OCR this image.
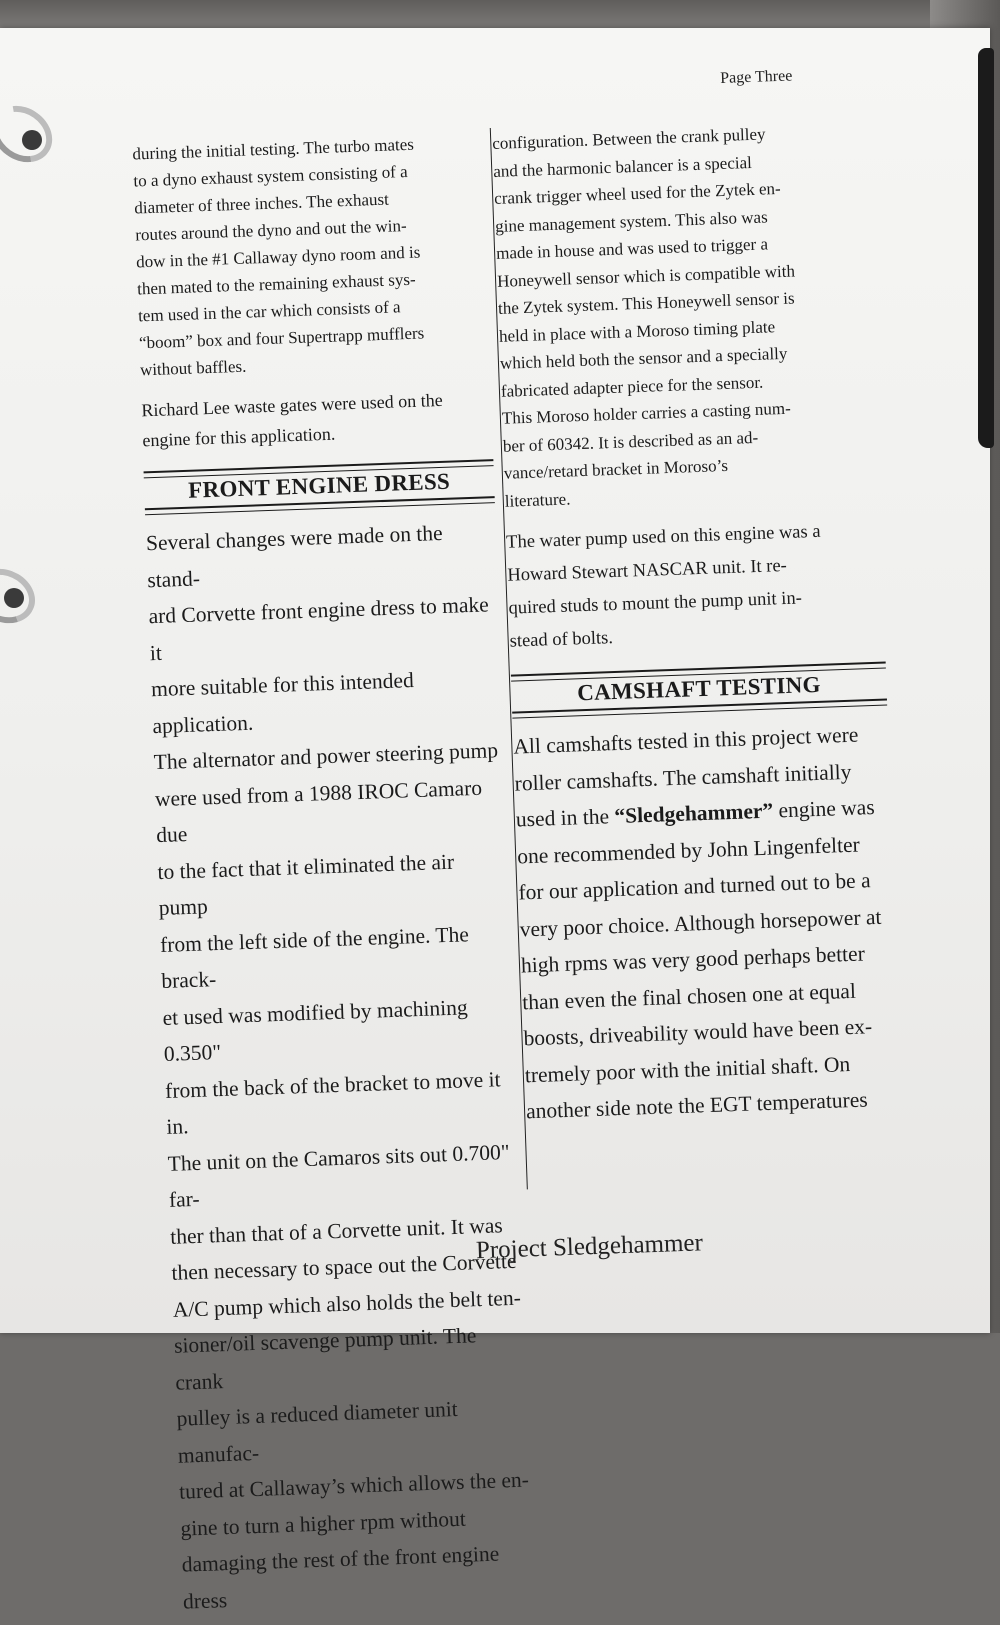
Page Three

during the initial testing. The turbo mates

to a dyno exhaust system consisting of a

diameter of three inches. The exhaust

routes around the dyno and out the win-

dow in the #1 Callaway dyno room and is

then mated to the remaining exhaust sys-

tem used in the car which consists of a

“boom” box and four Supertrapp mufflers

without baffles.

Richard Lee waste gates were used on the

engine for this application.

FRONT ENGINE DRESS

Several changes were made on the stand-

ard Corvette front engine dress to make it

more suitable for this intended application.

The alternator and power steering pump

were used from a 1988 IROC Camaro due

to the fact that it eliminated the air pump

from the left side of the engine. The brack-

et used was modified by machining 0.350"

from the back of the bracket to move it in.

The unit on the Camaros sits out 0.700" far-

ther than that of a Corvette unit. It was

then necessary to space out the Corvette

A/C pump which also holds the belt ten-

sioner/oil scavenge pump unit. The crank

pulley is a reduced diameter unit manufac-

tured at Callaway’s which allows the en-

gine to turn a higher rpm without

damaging the rest of the front engine dress

configuration. Between the crank pulley

and the harmonic balancer is a special

crank trigger wheel used for the Zytek en-

gine management system. This also was

made in house and was used to trigger a

Honeywell sensor which is compatible with

the Zytek system. This Honeywell sensor is

held in place with a Moroso timing plate

which held both the sensor and a specially

fabricated adapter piece for the sensor.

This Moroso holder carries a casting num-

ber of 60342. It is described as an ad-

vance/retard bracket in Moroso’s

literature.

The water pump used on this engine was a

Howard Stewart NASCAR unit. It re-

quired studs to mount the pump unit in-

stead of bolts.

CAMSHAFT TESTING

All camshafts tested in this project were

roller camshafts. The camshaft initially

used in the “Sledgehammer” engine was

one recommended by John Lingenfelter

for our application and turned out to be a

very poor choice. Although horsepower at

high rpms was very good perhaps better

than even the final chosen one at equal

boosts, driveability would have been ex-

tremely poor with the initial shaft. On

another side note the EGT temperatures

Project Sledgehammer
